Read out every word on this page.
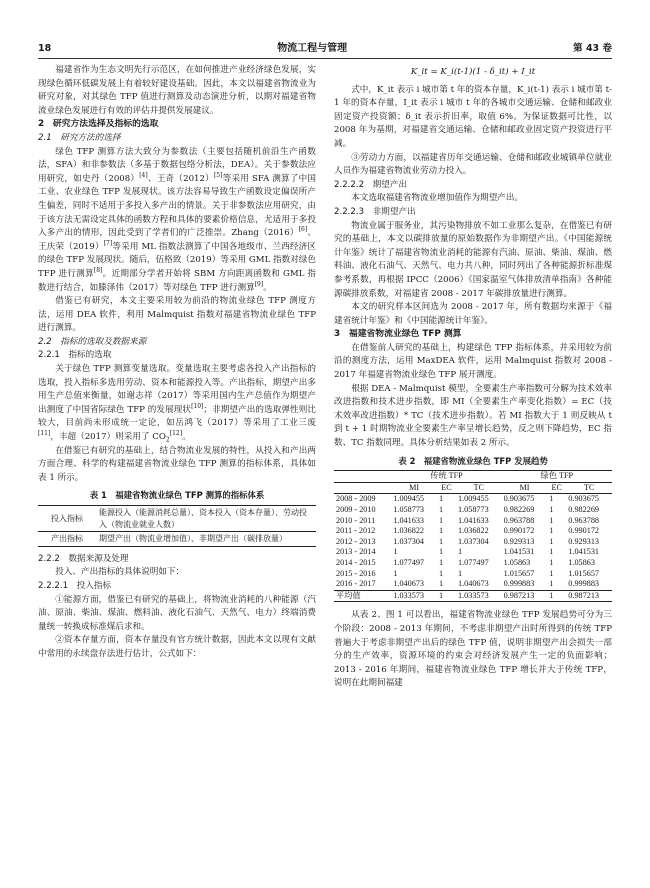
18	物流工程与管理	第 43 卷

福建省作为生态文明先行示范区，在如何推进产业经济绿色发展，实现绿色循环低碳发展上有着较好建设基础。因此，本文以福建省物流业为研究对象，对其绿色 TFP 值进行测算及动态演进分析，以期对福建省物流业绿色发展进行有效的评估并提供发展建议。

2　研究方法选择及指标的选取
2.1　研究方法的选择

绿色 TFP 测算方法大致分为参数法（主要包括随机前沿生产函数法，SFA）和非参数法（多基于数据包络分析法，DEA）。关于参数法应用研究，如史丹（2008）[4]、王奇（2012）[5]等采用 SFA 测算了中国工业、农业绿色 TFP 发展现状。该方法容易导致生产函数设定偏误所产生偏差，同时不适用于多投入多产出的情景。关于非参数法应用研究，由于该方法无需设定具体的函数方程和具体的要素价格信息，尤适用于多投入多产出的情形，因此受到了学者们的广泛推崇。Zhang（2016）[6]、王庆荣（2019）[7]等采用 ML 指数法测算了中国各地级市、兰西经济区的绿色 TFP 发展现状。随后，伍格致（2019）等采用 GML 指数对绿色 TFP 进行测算[8]。近期部分学者开始将 SBM 方向距离函数和 GML 指数进行结合，如滕泽伟（2017）等对绿色 TFP 进行测算[9]。

借鉴已有研究，本文主要采用较为前沿的物流业绿色 TFP 测度方法，运用 DEA 软件，利用 Malmquist 指数对福建省物流业绿色 TFP 进行测算。

2.2　指标的选取及数据来源
2.2.1　指标的选取

关于绿色 TFP 测算变量选取。变量选取主要考虑各投入产出指标的选取，投入指标多选用劳动、资本和能源投入等。产出指标，期望产出多用生产总值来衡量，如谢志祥（2017）等采用国内生产总值作为期望产出测度了中国省际绿色 TFP 的发展现状[10]；非期望产出的选取弹性则比较大，目前尚未形成统一定论，如岳鸿飞（2017）等采用了工业三废[11]，丰超（2017）则采用了 $CO_2[12]$。

在借鉴已有研究的基础上，结合物流业发展的特性，从投入和产出两方面合理、科学的构建福建省物流业绿色 TFP 测算的指标体系，具体如表 1 所示。

表 1　福建省物流业绿色 TFP 测算的指标体系
投入指标	能源投入（能源消耗总量）、资本投入（资本存量）、劳动投入（物流业就业人数）
产出指标	期望产出（物流业增加值）、非期望产出（碳排放量）
2.2.2　数据来源及处理

投入、产出指标的具体说明如下：

2.2.2.1　投入指标

①能源方面，借鉴已有研究的基础上，将物流业消耗的八种能源（汽油、原油、柴油、煤油、燃料油、液化石油气、天然气、电力）终端消费量统一转换成标准煤后求和。

②资本存量方面，资本存量没有官方统计数据，因此本文以现有文献中常用的永续盘存法进行估计，公式如下：

K_it = K_i(t-1)(1 - δ_it) + I_it

式中，K_it 表示 i 城市第 t 年的资本存量，K_i(t-1) 表示 i 城市第 t-1 年的资本存量，I_it 表示 i 城市 t 年的各城市交通运输、仓储和邮政业固定资产投资额；δ_it 表示折旧率，取值 6%。为保证数据可比性，以 2008 年为基期，对福建省交通运输、仓储和邮政业固定资产投资进行平减。

③劳动力方面，以福建省历年交通运输、仓储和邮政业城镇单位就业人员作为福建省物流业劳动力投入。

2.2.2.2　期望产出

本文选取福建省物流业增加值作为期望产出。

2.2.2.3　非期望产出

物流业属于服务业，其污染物排放不如工业那么复杂，在借鉴已有研究的基础上，本文以碳排放量的原始数据作为非期望产出。《中国能源统计年鉴》统计了福建省物流业消耗的能源有汽油、原油、柴油、煤油、燃料油、液化石油气、天然气、电力共八种，同时列出了各种能源折标准煤参考系数，再根据 IPCC（2006）《国家温室气体排放清单指南》各种能源碳排放系数，对福建省 2008 - 2017 年碳排放量进行测算。

本文的研究样本区间选为 2008 - 2017 年，所有数据均来源于《福建省统计年鉴》和《中国能源统计年鉴》。

3　福建省物流业绿色 TFP 测算

在借鉴前人研究的基础上，构建绿色 TFP 指标体系，并采用较为前沿的测度方法，运用 MaxDEA 软件，运用 Malmquist 指数对 2008 - 2017 年福建省物流业绿色 TFP 展开测度。

根据 DEA - Malmquist 模型，全要素生产率指数可分解为技术效率改进指数和技术进步指数，即 MI（全要素生产率变化指数）= EC（技术效率改进指数）* TC（技术进步指数）。若 MI 指数大于 1 则反映从 t 到 t + 1 时期物流业全要素生产率呈增长趋势，反之则下降趋势，EC 指数、TC 指数同理。具体分析结果如表 2 所示。

表 2　福建省物流业绿色 TFP 发展趋势
	传统 TFP			绿色 TFP		
	MI	EC	TC	MI	EC	TC
2008 - 2009	1.009455	1	1.009455	0.903675	1	0.903675
2009 - 2010	1.058773	1	1.058773	0.982269	1	0.982269
2010 - 2011	1.041633	1	1.041633	0.963788	1	0.963788
2011 - 2012	1.036822	1	1.036822	0.990172	1	0.990172
2012 - 2013	1.037304	1	1.037304	0.929313	1	0.929313
2013 - 2014	1	1	1	1.041531	1	1.041531
2014 - 2015	1.077497	1	1.077497	1.05863	1	1.05863
2015 - 2016	1	1	1	1.015657	1	1.015657
2016 - 2017	1.040673	1	1.040673	0.999883	1	0.999883
平均值	1.033573	1	1.033573	0.987213	1	0.987213

从表 2、图 1 可以看出，福建省物流业绿色 TFP 发展趋势可分为三个阶段：2008 - 2013 年期间，不考虑非期望产出时所得到的传统 TFP 普遍大于考虑非期望产出后的绿色 TFP 值，说明非期望产出会损失一部分的生产效率，资源环境的约束会对经济发展产生一定的负面影响；2013 - 2016 年期间，福建省物流业绿色 TFP 增长并大于传统 TFP，说明在此期间福建
